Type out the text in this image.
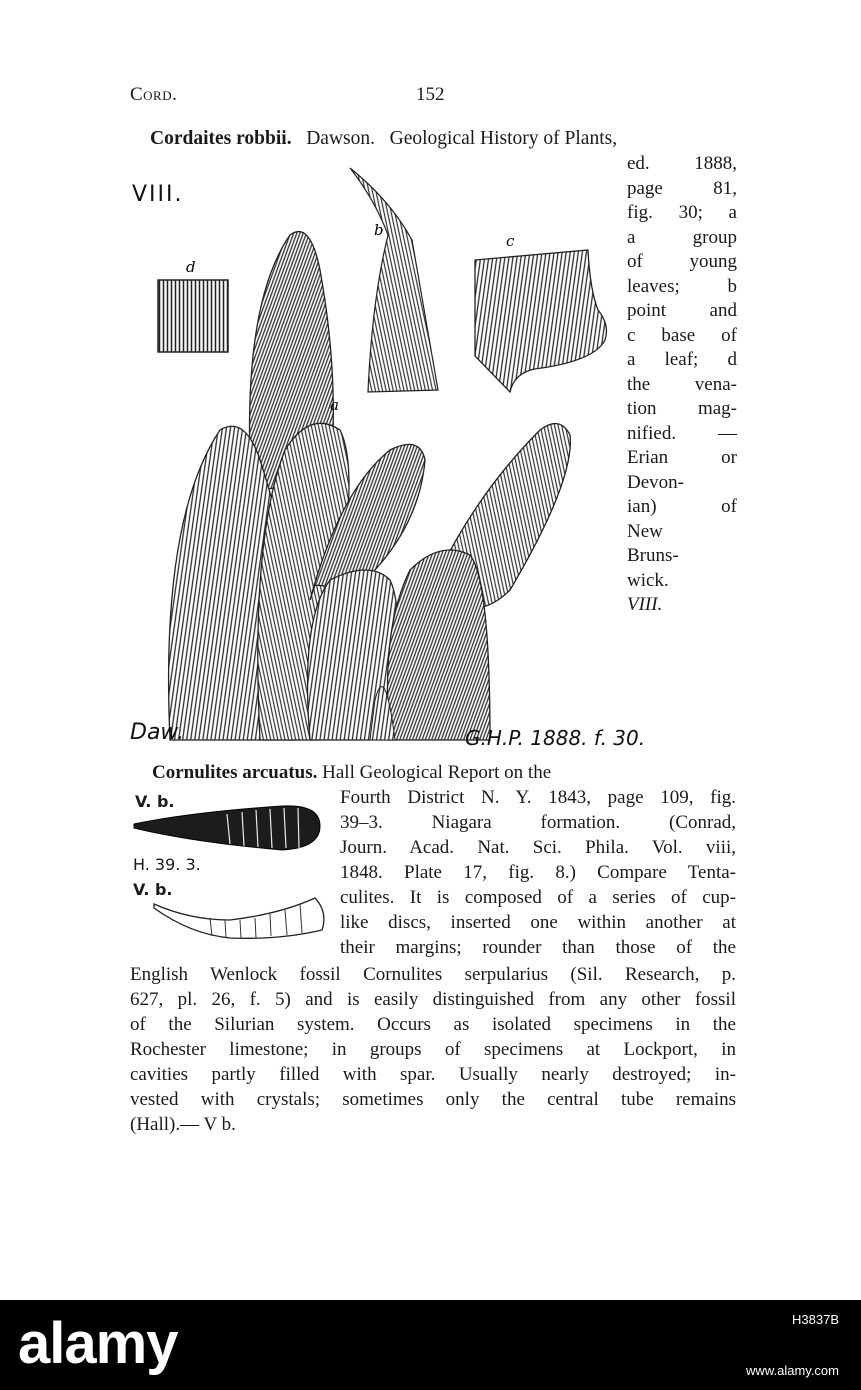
Cord.	152
Cordaites robbii. Dawson. Geological History of Plants,
VIII.
ed. 1888,
page 81,
fig. 30; a
a group
of young
leaves; b
point and
c base of
a leaf; d
the vena-
tion mag-
nified. —
Erian or
Devon-
ian) of
New
Bruns-
wick.
VIII.
d
b
c
a
Daw.	G.H.P. 1888. f. 30.
Cornulites arcuatus. Hall Geological Report on the
V. b.
H. 39. 3.
V. b.
Fourth District N. Y. 1843, page 109, fig.
39–3. Niagara formation. (Conrad,
Journ. Acad. Nat. Sci. Phila. Vol. viii,
1848. Plate 17, fig. 8.) Compare Tenta-
culites. It is composed of a series of cup-
like discs, inserted one within another at
their margins; rounder than those of the
English Wenlock fossil Cornulites serpularius (Sil. Research, p.
627, pl. 26, f. 5) and is easily distinguished from any other fossil
of the Silurian system. Occurs as isolated specimens in the
Rochester limestone; in groups of specimens at Lockport, in
cavities partly filled with spar. Usually nearly destroyed; in-
vested with crystals; sometimes only the central tube remains
(Hall).— V b.
alamy	H3837B
www.alamy.com
